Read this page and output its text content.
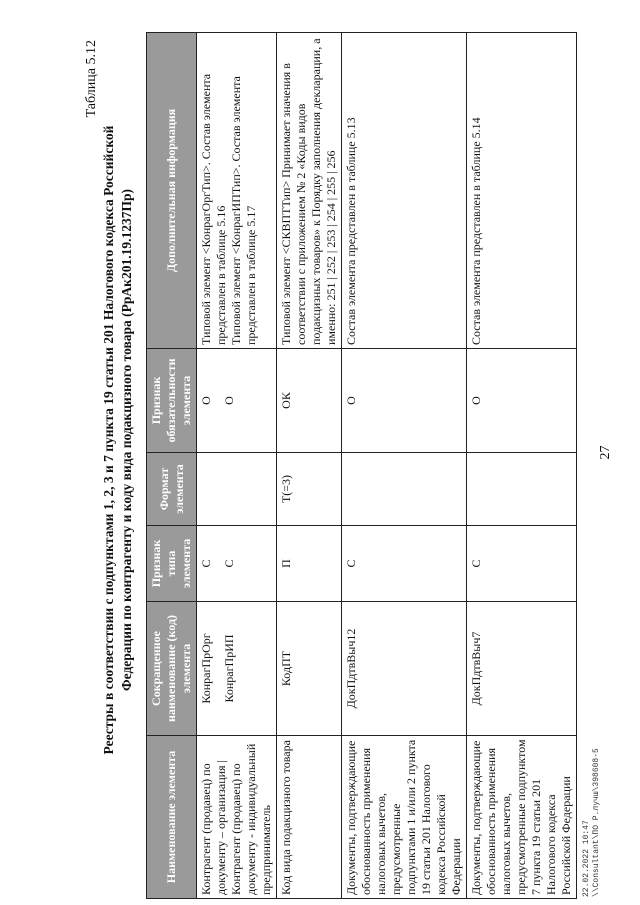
27
Таблица 5.12
Реестры в соответствии с подпунктами 1, 2, 3 и 7 пункта 19 статьи 201 Налогового кодекса Российской Федерации по контрагенту и коду вида подакцизного товара (РрАк201.19.1237Пр)
Наименование элемента	Сокращенное наименование (код) элемента	Признак типа элемента	Формат элемента	Признак обязательности элемента	Дополнительная информация

Контрагент (продавец) по документу – организация | Контрагент (продавец) по документу - индивидуальный предприниматель	КонрагПрОрг КонрагПрИП	С С		О О	Типовой элемент <КонрагОргТип>. Состав элемента представлен в таблице 5.16 Типовой элемент <КонрагИПТип>. Состав элемента представлен в таблице 5.17

Код вида подакцизного товара	КодПТ	П	T(=3)	ОК	Типовой элемент <СКВПТТип> Принимает значения в соответствии с приложением № 2 «Коды видов подакцизных товаров» к Порядку заполнения декларации, а именно: 251 | 252 | 253 | 254 | 255 | 256
Документы, подтверждающие обоснованность применения налоговых вычетов, предусмотренные подпунктами 1 и/или 2 пункта 19 статьи 201 Налогового кодекса Российской Федерации	ДокПдтвВыч12	С		О	Состав элемента представлен в таблице 5.13
Документы, подтверждающие обоснованность применения налоговых вычетов, предусмотренные подпунктом 7 пункта 19 статьи 201 Налогового кодекса Российской Федерации	ДокПдтвВыч7	С		О	Состав элемента представлен в таблице 5.14
22.02.2022 10:47 \\Consultant\ПО Р.лучш\398608-5
